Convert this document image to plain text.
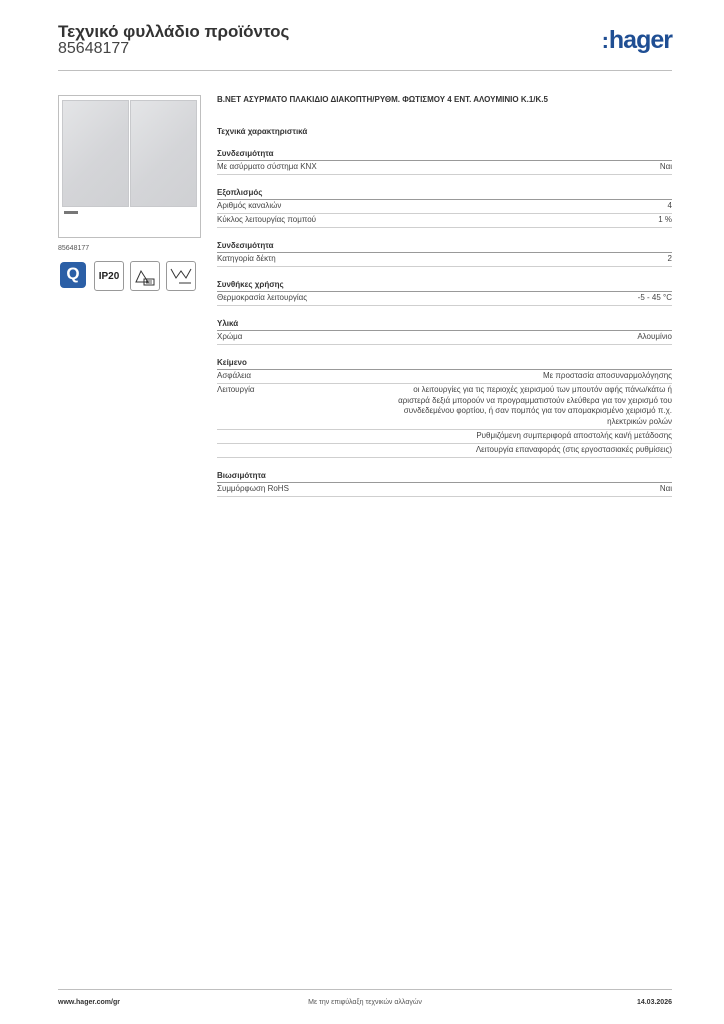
Τεχνικό φυλλάδιο προϊόντος
85648177	:hager
85648177
Q	IP20
B.NET ΑΣΥΡΜΑΤΟ ΠΛΑΚΙΔΙΟ ΔΙΑΚΟΠΤΗ/ΡΥΘΜ. ΦΩΤΙΣΜΟΥ 4 ΕΝΤ. ΑΛΟΥΜΙΝΙΟ Κ.1/Κ.5
Τεχνικά χαρακτηριστικά
Συνδεσιμότητα
Με ασύρματο σύστημα KNX	Ναι
Εξοπλισμός
Αριθμός καναλιών	4
Κύκλος λειτουργίας πομπού	1 %
Συνδεσιμότητα
Κατηγορία δέκτη	2
Συνθήκες χρήσης
Θερμοκρασία λειτουργίας	-5 - 45 °C
Υλικά
Χρώμα	Αλουμίνιο
Κείμενο
Ασφάλεια	Με προστασία αποσυναρμολόγησης
Λειτουργία	οι λειτουργίες για τις περιοχές χειρισμού των μπουτόν αφής πάνω/κάτω ή
αριστερά δεξιά μπορούν να προγραμματιστούν ελεύθερα για τον χειρισμό του
συνδεδεμένου φορτίου, ή σαν πομπός για τον απομακρισμένο χειρισμό π.χ.
ηλεκτρικών ρολών
Ρυθμιζόμενη συμπεριφορά αποστολής και/ή μετάδοσης
Λειτουργία επαναφοράς (στις εργοστασιακές ρυθμίσεις)
Βιωσιμότητα
Συμμόρφωση RoHS	Ναι
www.hager.com/gr	Με την επιφύλαξη τεχνικών αλλαγών	14.03.2026
